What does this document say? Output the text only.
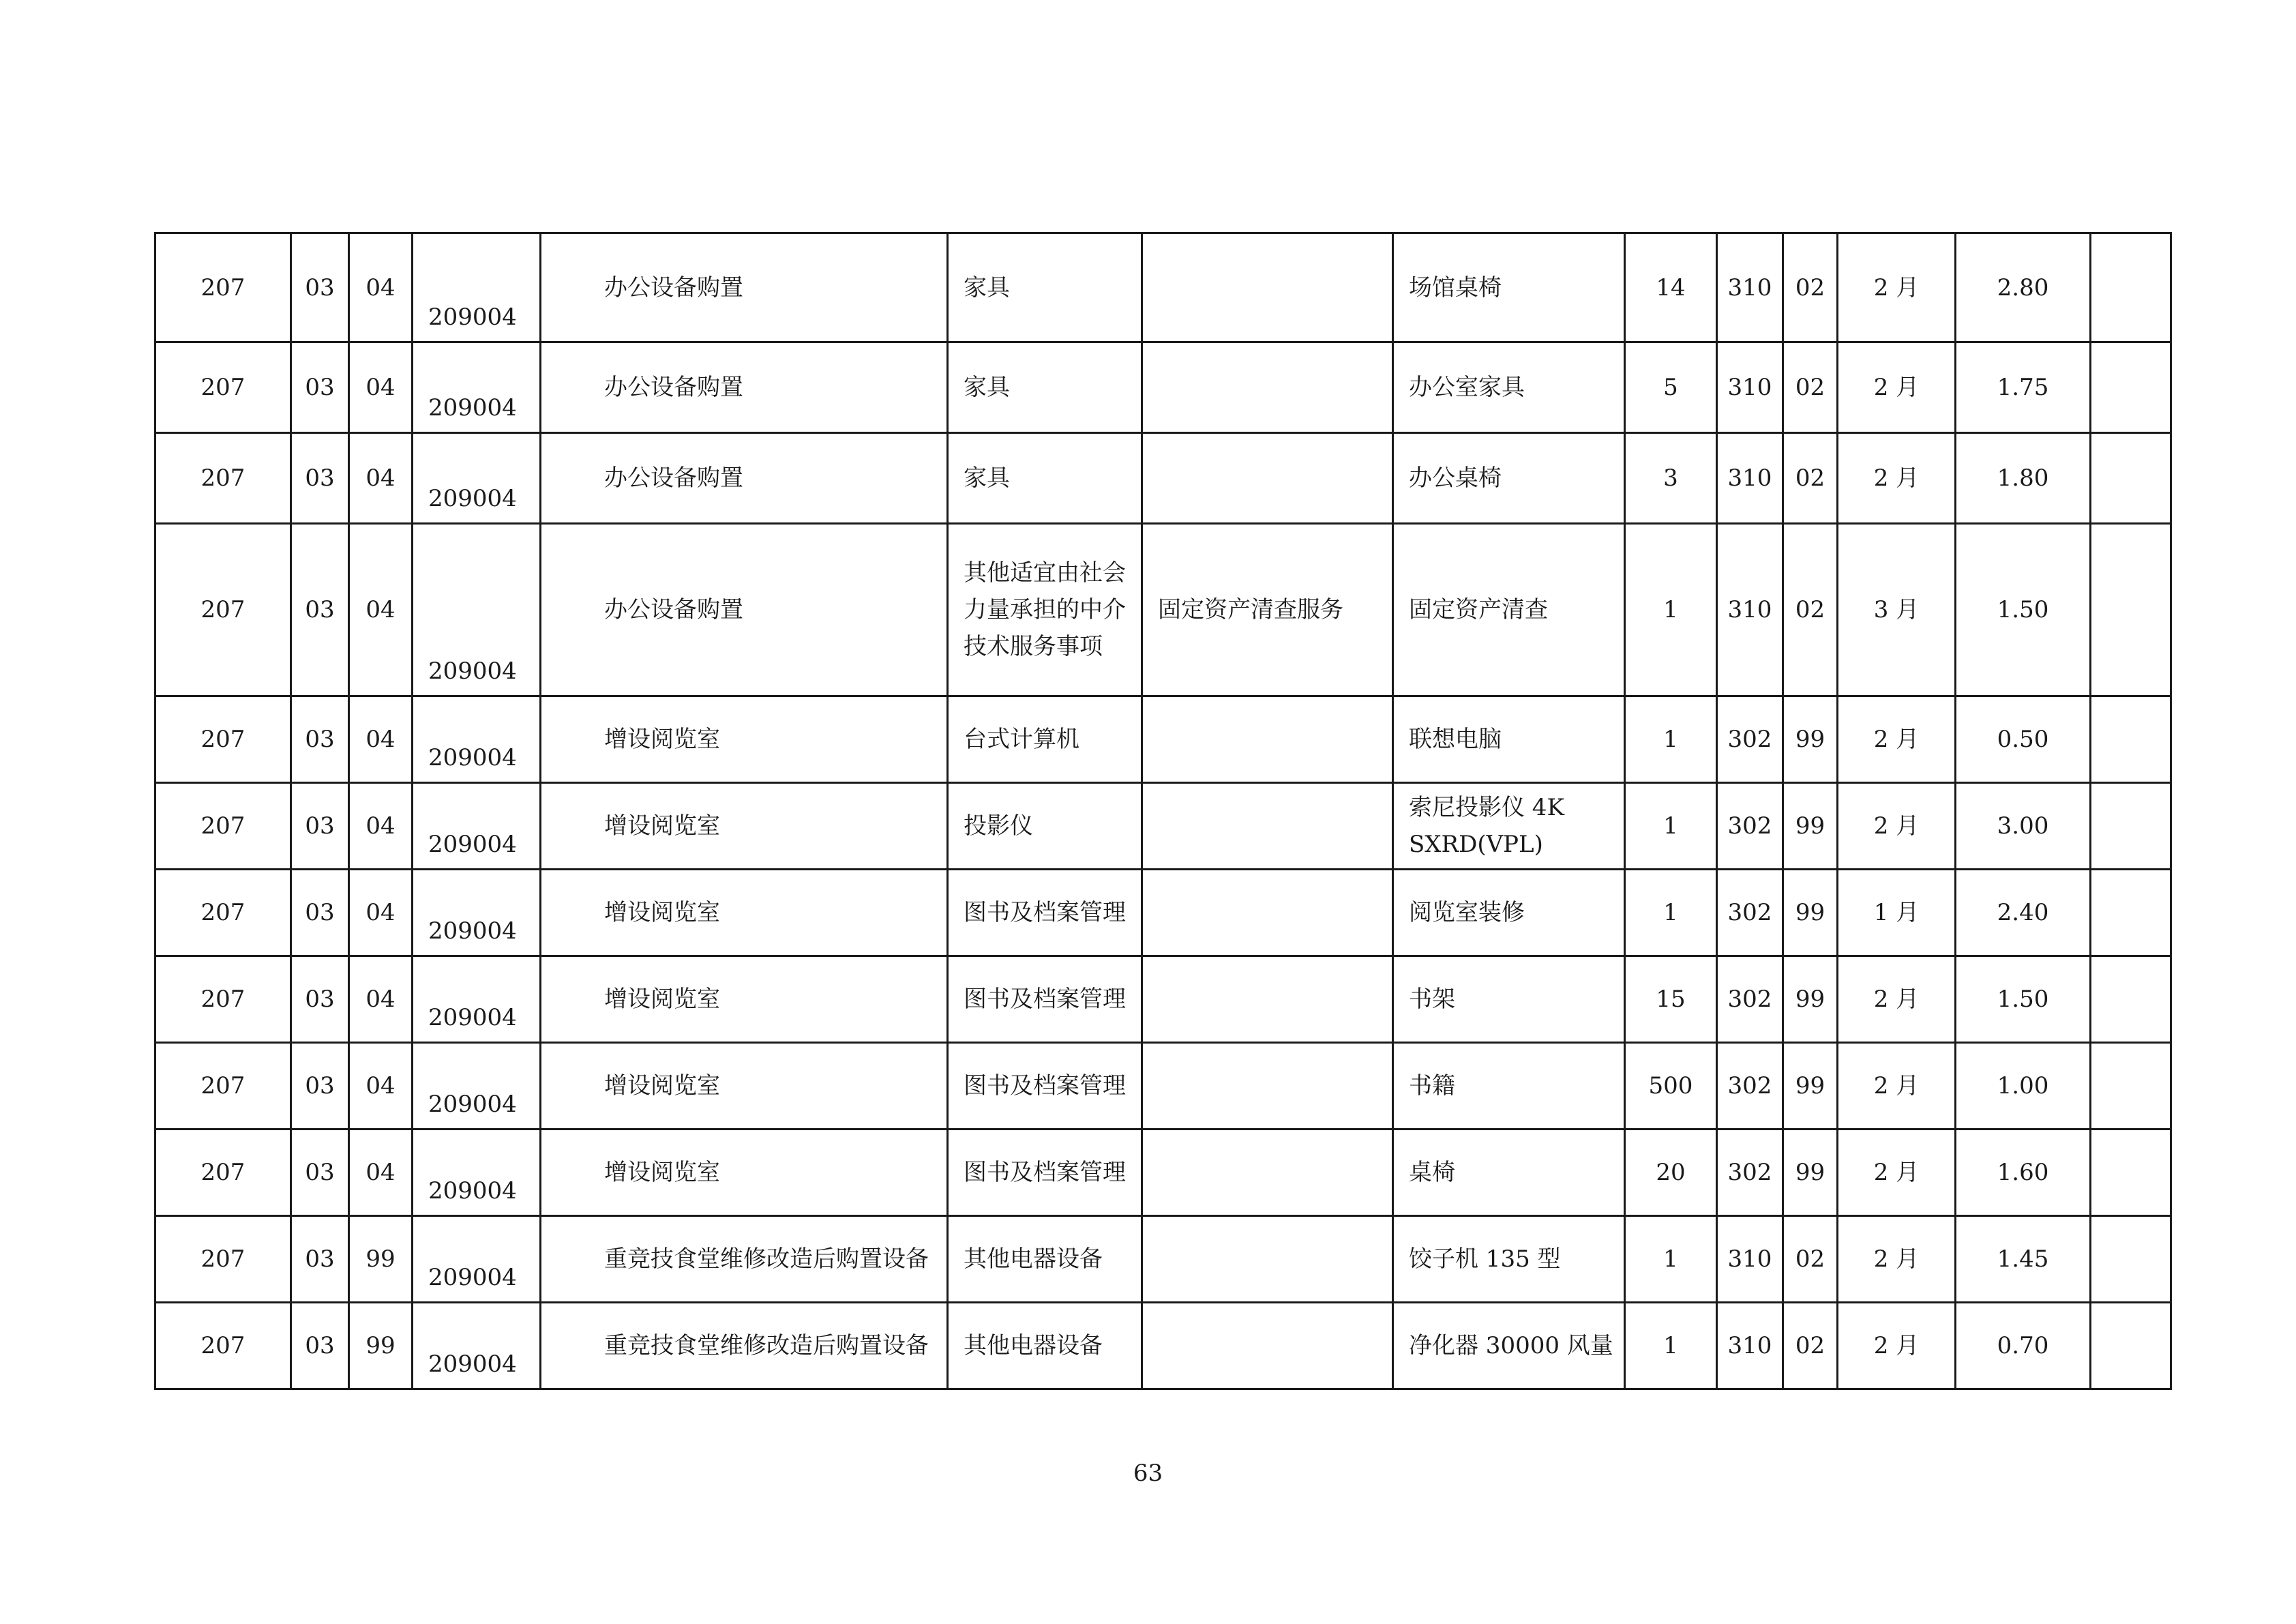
207	03	04	209004	办公设备购置	家具		场馆桌椅	14	310	02	2 月	2.80	
207	03	04	209004	办公设备购置	家具		办公室家具	5	310	02	2 月	1.75	
207	03	04	209004	办公设备购置	家具		办公桌椅	3	310	02	2 月	1.80	
207	03	04	209004	办公设备购置	其他适宜由社会力量承担的中介技术服务事项	固定资产清查服务	固定资产清查	1	310	02	3 月	1.50	
207	03	04	209004	增设阅览室	台式计算机		联想电脑	1	302	99	2 月	0.50	
207	03	04	209004	增设阅览室	投影仪		索尼投影仪 4K SXRD(VPL)	1	302	99	2 月	3.00	
207	03	04	209004	增设阅览室	图书及档案管理		阅览室装修	1	302	99	1 月	2.40	
207	03	04	209004	增设阅览室	图书及档案管理		书架	15	302	99	2 月	1.50	
207	03	04	209004	增设阅览室	图书及档案管理		书籍	500	302	99	2 月	1.00	
207	03	04	209004	增设阅览室	图书及档案管理		桌椅	20	302	99	2 月	1.60	
207	03	99	209004	重竞技食堂维修改造后购置设备	其他电器设备		饺子机 135 型	1	310	02	2 月	1.45	
207	03	99	209004	重竞技食堂维修改造后购置设备	其他电器设备		净化器 30000 风量	1	310	02	2 月	0.70	
63
